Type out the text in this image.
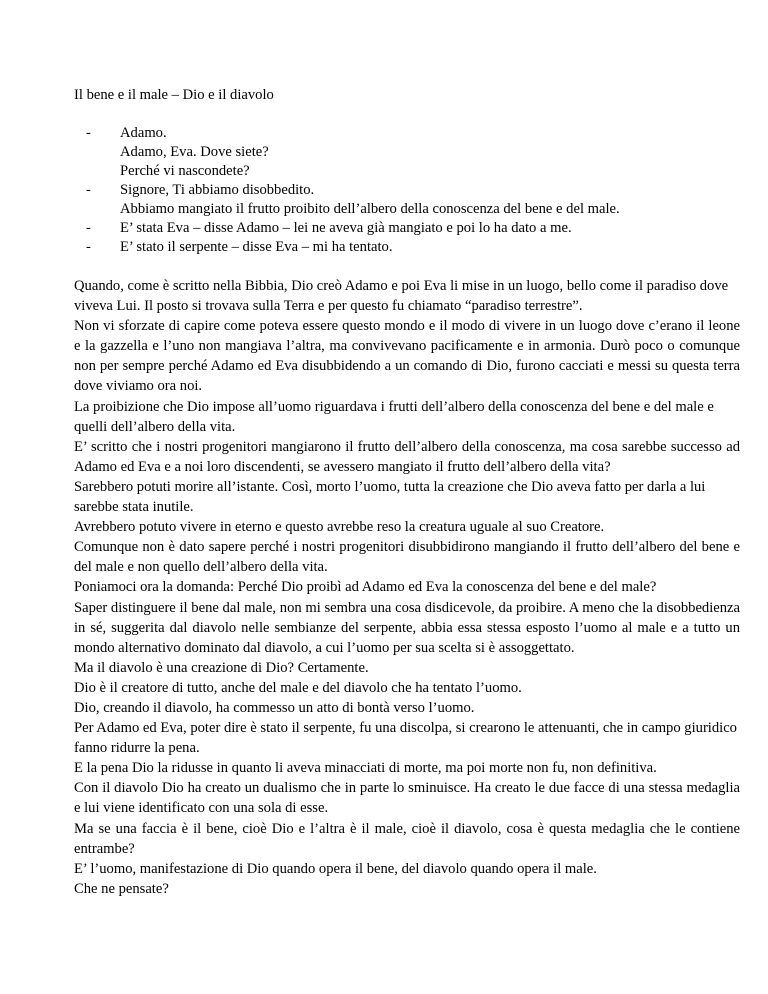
Il bene e il male – Dio e il diavolo
- Adamo.
Adamo, Eva. Dove siete?
Perché vi nascondete?
- Signore, Ti abbiamo disobbedito.
Abbiamo mangiato il frutto proibito dell’albero della conoscenza del bene e del male.
- E’ stata Eva – disse Adamo – lei ne aveva già mangiato e poi lo ha dato a me.
- E’ stato il serpente – disse Eva – mi ha tentato.

Quando, come è scritto nella Bibbia, Dio creò Adamo e poi Eva li mise in un luogo, bello come il paradiso dove viveva Lui. Il posto si trovava sulla Terra e per questo fu chiamato “paradiso terrestre”.

Non vi sforzate di capire come poteva essere questo mondo e il modo di vivere in un luogo dove c’erano il leone e la gazzella e l’uno non mangiava l’altra, ma convivevano pacificamente e in armonia. Durò poco o comunque non per sempre perché Adamo ed Eva disubbidendo a un comando di Dio, furono cacciati e messi su questa terra dove viviamo ora noi.

La proibizione che Dio impose all’uomo riguardava i frutti dell’albero della conoscenza del bene e del male e quelli dell’albero della vita.

E’ scritto che i nostri progenitori mangiarono il frutto dell’albero della conoscenza, ma cosa sarebbe successo ad Adamo ed Eva e a noi loro discendenti, se avessero mangiato il frutto dell’albero della vita?

Sarebbero potuti morire all’istante. Così, morto l’uomo, tutta la creazione che Dio aveva fatto per darla a lui sarebbe stata inutile.

Avrebbero potuto vivere in eterno e questo avrebbe reso la creatura uguale al suo Creatore.

Comunque non è dato sapere perché i nostri progenitori disubbidirono mangiando il frutto dell’albero del bene e del male e non quello dell’albero della vita.

Poniamoci ora la domanda: Perché Dio proibì ad Adamo ed Eva la conoscenza del bene e del male?

Saper distinguere il bene dal male, non mi sembra una cosa disdicevole, da proibire. A meno che la disobbedienza in sé, suggerita dal diavolo nelle sembianze del serpente, abbia essa stessa esposto l’uomo al male e a tutto un mondo alternativo dominato dal diavolo, a cui l’uomo per sua scelta si è assoggettato.

Ma il diavolo è una creazione di Dio? Certamente.

Dio è il creatore di tutto, anche del male e del diavolo che ha tentato l’uomo.

Dio, creando il diavolo, ha commesso un atto di bontà verso l’uomo.

Per Adamo ed Eva, poter dire è stato il serpente, fu una discolpa, si crearono le attenuanti, che in campo giuridico fanno ridurre la pena.

E la pena Dio la ridusse in quanto li aveva minacciati di morte, ma poi morte non fu, non definitiva.

Con il diavolo Dio ha creato un dualismo che in parte lo sminuisce. Ha creato le due facce di una stessa medaglia e lui viene identificato con una sola di esse.

Ma se una faccia è il bene, cioè Dio e l’altra è il male, cioè il diavolo, cosa è questa medaglia che le contiene entrambe?

E’ l’uomo, manifestazione di Dio quando opera il bene, del diavolo quando opera il male.

Che ne pensate?
